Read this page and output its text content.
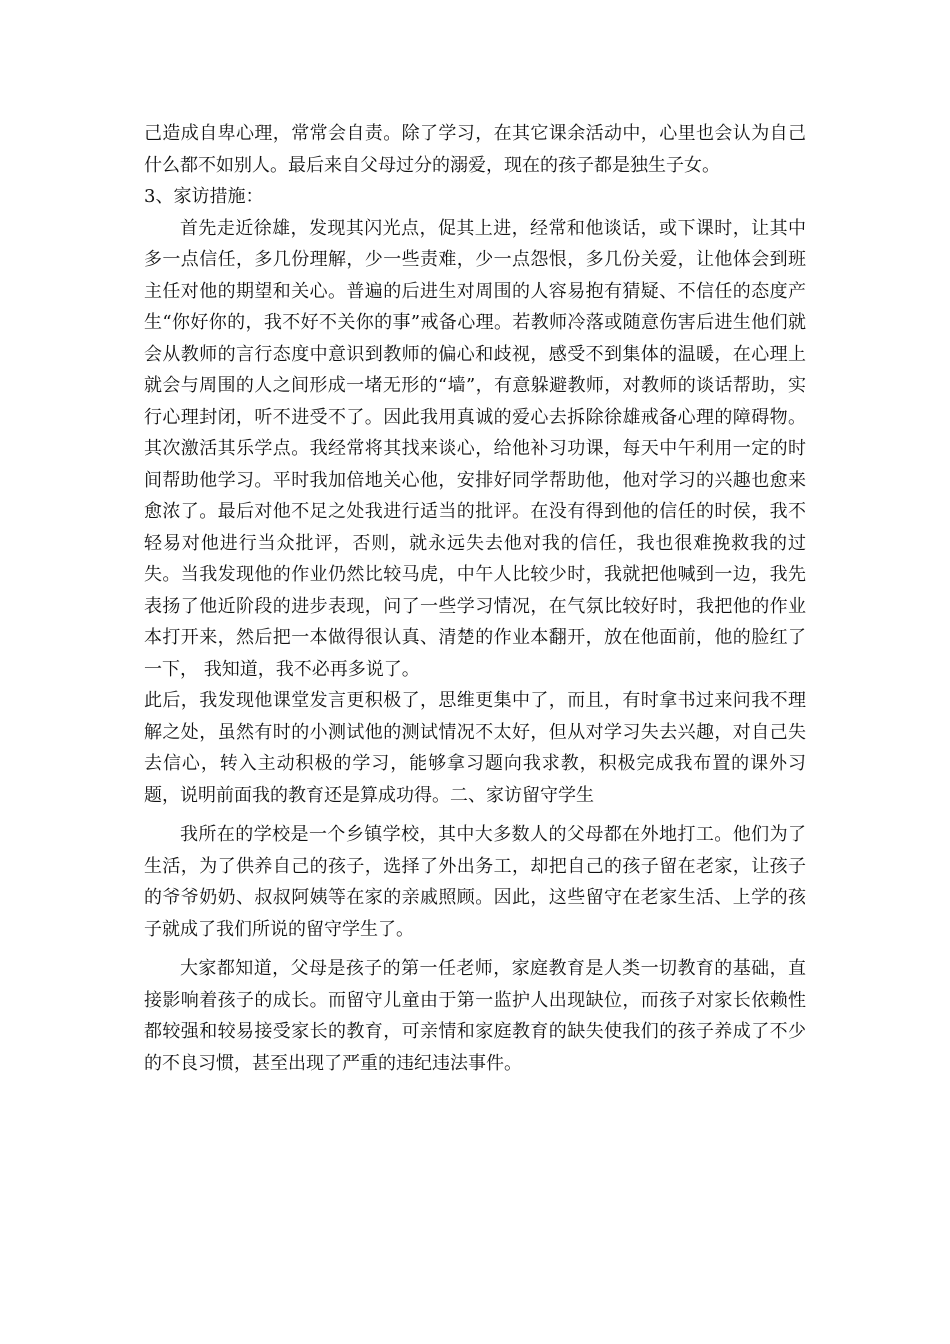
己造成自卑心理，常常会自责。除了学习，在其它课余活动中，心里也会认为自己什么都不如别人。最后来自父母过分的溺爱，现在的孩子都是独生子女。

3、家访措施：

首先走近徐雄，发现其闪光点，促其上进，经常和他谈话，或下课时，让其中多一点信任，多几份理解，少一些责难，少一点怨恨，多几份关爱，让他体会到班主任对他的期望和关心。普遍的后进生对周围的人容易抱有猜疑、不信任的态度产生“你好你的，我不好不关你的事”戒备心理。若教师冷落或随意伤害后进生他们就会从教师的言行态度中意识到教师的偏心和歧视，感受不到集体的温暖，在心理上就会与周围的人之间形成一堵无形的“墙”，有意躲避教师，对教师的谈话帮助，实行心理封闭，听不进受不了。因此我用真诚的爱心去拆除徐雄戒备心理的障碍物。其次激活其乐学点。我经常将其找来谈心，给他补习功课，每天中午利用一定的时间帮助他学习。平时我加倍地关心他，安排好同学帮助他，他对学习的兴趣也愈来愈浓了。最后对他不足之处我进行适当的批评。在没有得到他的信任的时侯，我不轻易对他进行当众批评，否则，就永远失去他对我的信任，我也很难挽救我的过失。当我发现他的作业仍然比较马虎，中午人比较少时，我就把他喊到一边，我先表扬了他近阶段的进步表现，问了一些学习情况，在气氛比较好时，我把他的作业本打开来，然后把一本做得很认真、清楚的作业本翻开，放在他面前，他的脸红了一下， 我知道，我不必再多说了。

此后，我发现他课堂发言更积极了，思维更集中了，而且，有时拿书过来问我不理解之处，虽然有时的小测试他的测试情况不太好，但从对学习失去兴趣，对自己失去信心，转入主动积极的学习，能够拿习题向我求教，积极完成我布置的课外习题，说明前面我的教育还是算成功得。二、家访留守学生

我所在的学校是一个乡镇学校，其中大多数人的父母都在外地打工。他们为了生活，为了供养自己的孩子，选择了外出务工，却把自己的孩子留在老家，让孩子的爷爷奶奶、叔叔阿姨等在家的亲戚照顾。因此，这些留守在老家生活、上学的孩子就成了我们所说的留守学生了。

大家都知道，父母是孩子的第一任老师，家庭教育是人类一切教育的基础，直接影响着孩子的成长。而留守儿童由于第一监护人出现缺位，而孩子对家长依赖性都较强和较易接受家长的教育，可亲情和家庭教育的缺失使我们的孩子养成了不少的不良习惯，甚至出现了严重的违纪违法事件。
